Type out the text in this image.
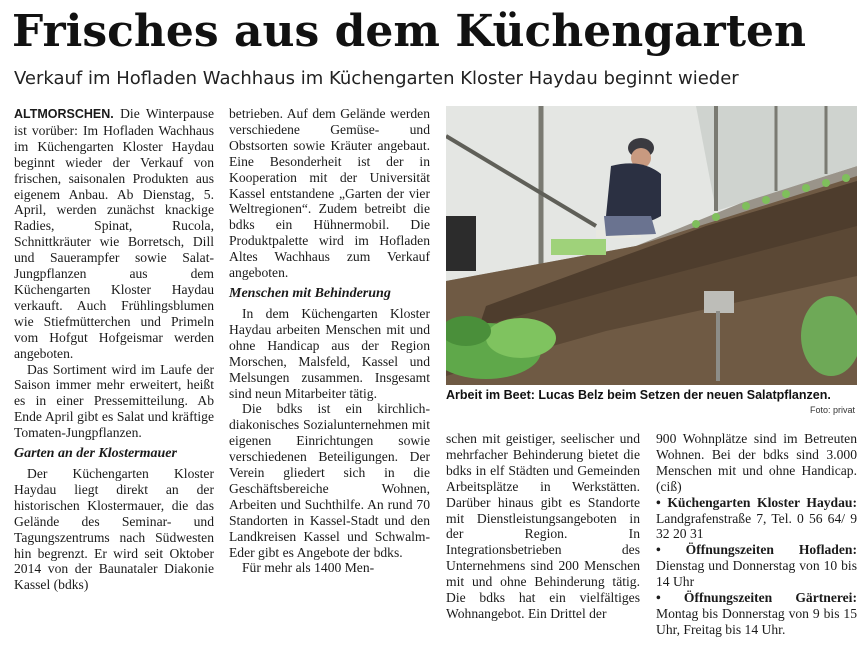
Frisches aus dem Küchengarten
Verkauf im Hofladen Wachhaus im Küchengarten Kloster Haydau beginnt wieder

ALTMORSCHEN. Die Winterpause ist vorüber: Im Hofladen Wachhaus im Küchengarten Kloster Haydau beginnt wieder der Verkauf von frischen, saisonalen Produkten aus eigenem Anbau. Ab Dienstag, 5. April, werden zunächst knackige Radies, Spinat, Rucola, Schnittkräuter wie Borretsch, Dill und Sauerampfer sowie Salat-Jungpflanzen aus dem Küchengarten Kloster Haydau verkauft. Auch Frühlingsblumen wie Stiefmütterchen und Primeln vom Hofgut Hofgeismar werden angeboten.

Das Sortiment wird im Laufe der Saison immer mehr erweitert, heißt es in einer Pressemitteilung. Ab Ende April gibt es Salat und kräftige Tomaten-Jungpflanzen.

Garten an der Klostermauer

Der Küchengarten Kloster Haydau liegt direkt an der historischen Klostermauer, die das Gelände des Seminar- und Tagungszentrums nach Südwesten hin begrenzt. Er wird seit Oktober 2014 von der Baunataler Diakonie Kassel (bdks)

betrieben. Auf dem Gelände werden verschiedene Gemüse- und Obstsorten sowie Kräuter angebaut. Eine Besonderheit ist der in Kooperation mit der Universität Kassel entstandene „Garten der vier Weltregionen“. Zudem betreibt die bdks ein Hühnermobil. Die Produktpalette wird im Hofladen Altes Wachhaus zum Verkauf angeboten.

Menschen mit Behinderung

In dem Küchengarten Kloster Haydau arbeiten Menschen mit und ohne Handicap aus der Region Morschen, Malsfeld, Kassel und Melsungen zusammen. Insgesamt sind neun Mitarbeiter tätig.

Die bdks ist ein kirchlich-diakonisches Sozialunternehmen mit eigenen Einrichtungen sowie verschiedenen Beteiligungen. Der Verein gliedert sich in die Geschäftsbereiche Wohnen, Arbeiten und Suchthilfe. An rund 70 Standorten in Kassel-Stadt und den Landkreisen Kassel und Schwalm-Eder gibt es Angebote der bdks.

Für mehr als 1400 Men-

Arbeit im Beet: Lucas Belz beim Setzen der neuen Salatpflanzen.

Foto: privat

schen mit geistiger, seelischer und mehrfacher Behinderung bietet die bdks in elf Städten und Gemeinden Arbeitsplätze in Werkstätten. Darüber hinaus gibt es Standorte mit Dienstleistungsangeboten in der Region. In Integrationsbetrieben des Unternehmens sind 200 Menschen mit und ohne Behinderung tätig. Die bdks hat ein vielfältiges Wohnangebot. Ein Drittel der

900 Wohnplätze sind im Betreuten Wohnen. Bei der bdks sind 3.000 Menschen mit und ohne Handicap. (ciß)

• Küchengarten Kloster Haydau: Landgrafenstraße 7, Tel. 0 56 64/ 9 32 20 31

• Öffnungszeiten Hofladen: Dienstag und Donnerstag von 10 bis 14 Uhr

• Öffnungszeiten Gärtnerei: Montag bis Donnerstag von 9 bis 15 Uhr, Freitag bis 14 Uhr.
